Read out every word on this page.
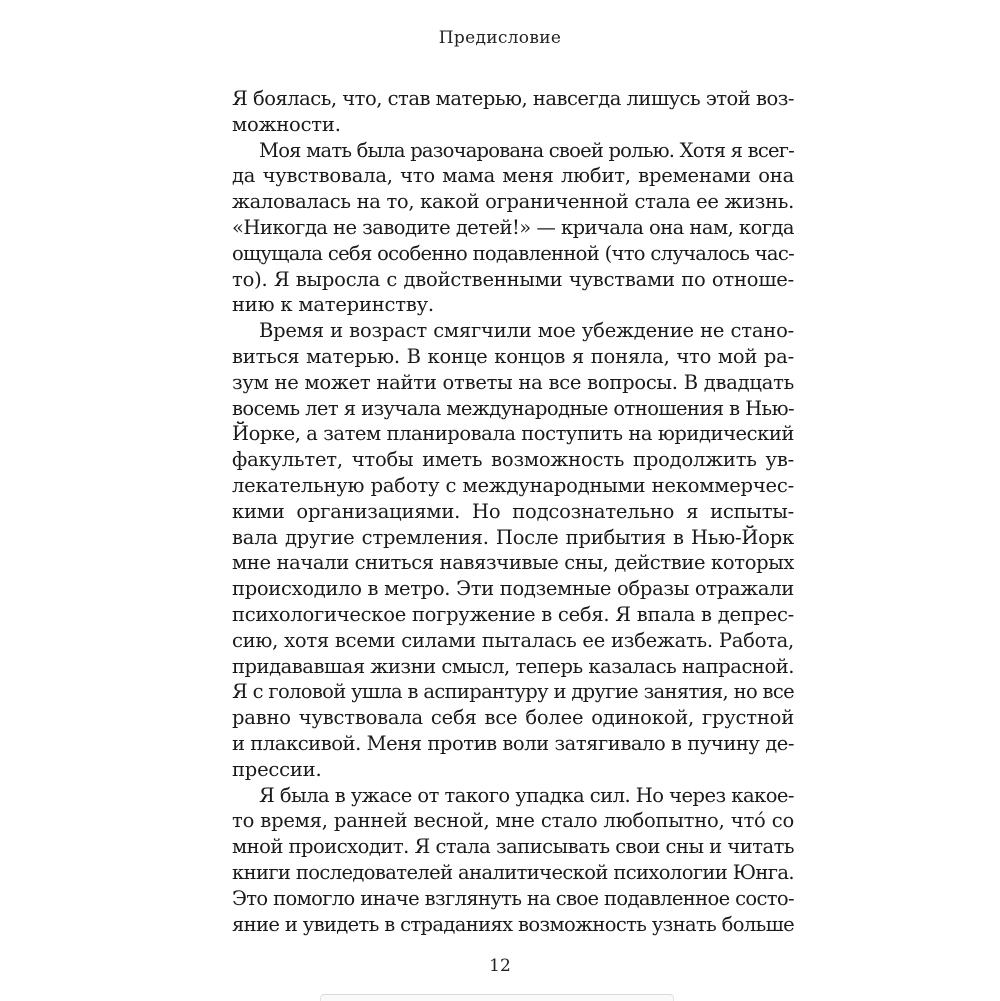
Предисловие
Я боялась, что, став матерью, навсегда лишусь этой воз-
можности.
Моя мать была разочарована своей ролью. Хотя я всег-
да чувствовала, что мама меня любит, временами она
жаловалась на то, какой ограниченной стала ее жизнь.
«Никогда не заводите детей!» — кричала она нам, когда
ощущала себя особенно подавленной (что случалось час-
то). Я выросла с двойственными чувствами по отноше-
нию к материнству.
Время и возраст смягчили мое убеждение не стано-
виться матерью. В конце концов я поняла, что мой ра-
зум не может найти ответы на все вопросы. В двадцать
восемь лет я изучала международные отношения в Нью-
Йорке, а затем планировала поступить на юридический
факультет, чтобы иметь возможность продолжить ув-
лекательную работу с международными некоммерчес-
кими организациями. Но подсознательно я испыты-
вала другие стремления. После прибытия в Нью-Йорк
мне начали сниться навязчивые сны, действие которых
происходило в метро. Эти подземные образы отражали
психологическое погружение в себя. Я впала в депрес-
сию, хотя всеми силами пыталась ее избежать. Работа,
придававшая жизни смысл, теперь казалась напрасной.
Я с головой ушла в аспирантуру и другие занятия, но все
равно чувствовала себя все более одинокой, грустной
и плаксивой. Меня против воли затягивало в пучину де-
прессии.
Я была в ужасе от такого упадка сил. Но через какое-
то время, ранней весной, мне стало любопытно, что́ со
мной происходит. Я стала записывать свои сны и читать
книги последователей аналитической психологии Юнга.
Это помогло иначе взглянуть на свое подавленное состо-
яние и увидеть в страданиях возможность узнать больше
12
